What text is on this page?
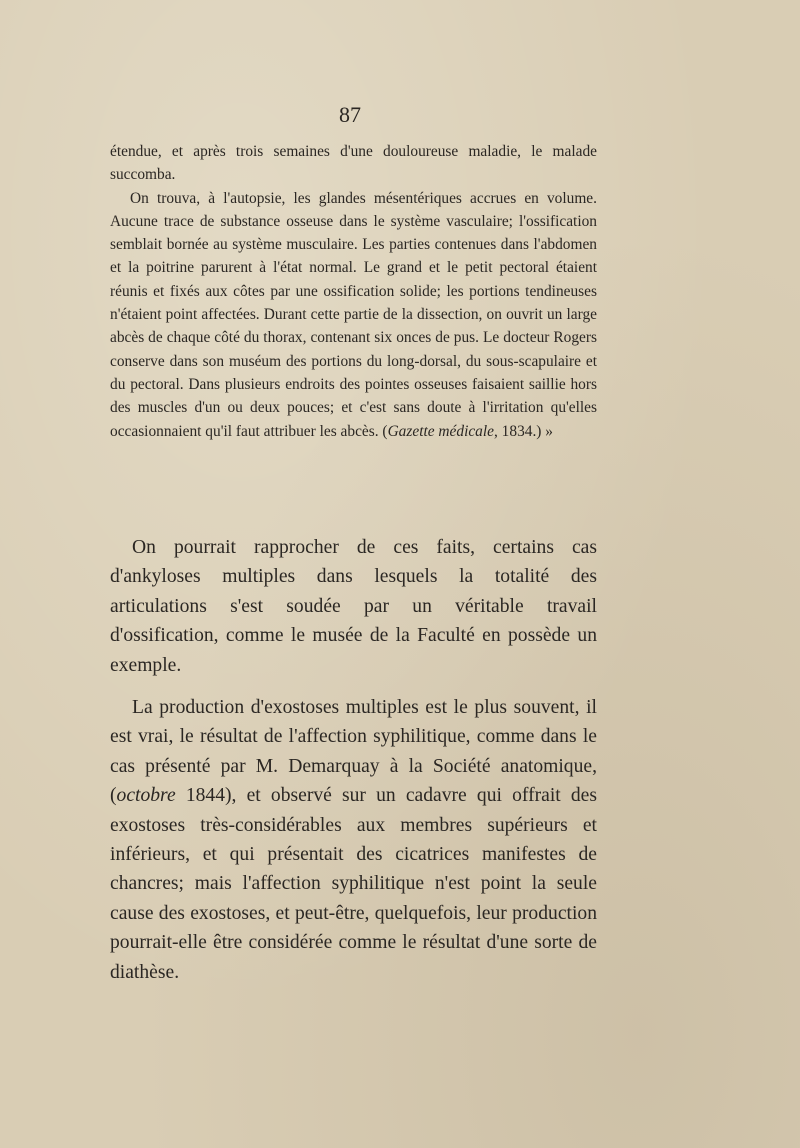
87

étendue, et après trois semaines d'une douloureuse maladie, le malade succomba.

On trouva, à l'autopsie, les glandes mésentériques accrues en volume. Aucune trace de substance osseuse dans le système vasculaire; l'ossification semblait bornée au système musculaire. Les parties contenues dans l'abdomen et la poitrine parurent à l'état normal. Le grand et le petit pectoral étaient réunis et fixés aux côtes par une ossification solide; les portions tendineuses n'étaient point affectées. Durant cette partie de la dissection, on ouvrit un large abcès de chaque côté du thorax, contenant six onces de pus. Le docteur Rogers conserve dans son muséum des portions du long-dorsal, du sous-scapulaire et du pectoral. Dans plusieurs endroits des pointes osseuses faisaient saillie hors des muscles d'un ou deux pouces; et c'est sans doute à l'irritation qu'elles occasionnaient qu'il faut attribuer les abcès. (Gazette médicale, 1834.) »

On pourrait rapprocher de ces faits, certains cas d'ankyloses multiples dans lesquels la totalité des articulations s'est soudée par un véritable travail d'ossification, comme le musée de la Faculté en possède un exemple.

La production d'exostoses multiples est le plus souvent, il est vrai, le résultat de l'affection syphilitique, comme dans le cas présenté par M. Demarquay à la Société anatomique, (octobre 1844), et observé sur un cadavre qui offrait des exostoses très-considérables aux membres supérieurs et inférieurs, et qui présentait des cicatrices manifestes de chancres; mais l'affection syphilitique n'est point la seule cause des exostoses, et peut-être, quelquefois, leur production pourrait-elle être considérée comme le résultat d'une sorte de diathèse.
